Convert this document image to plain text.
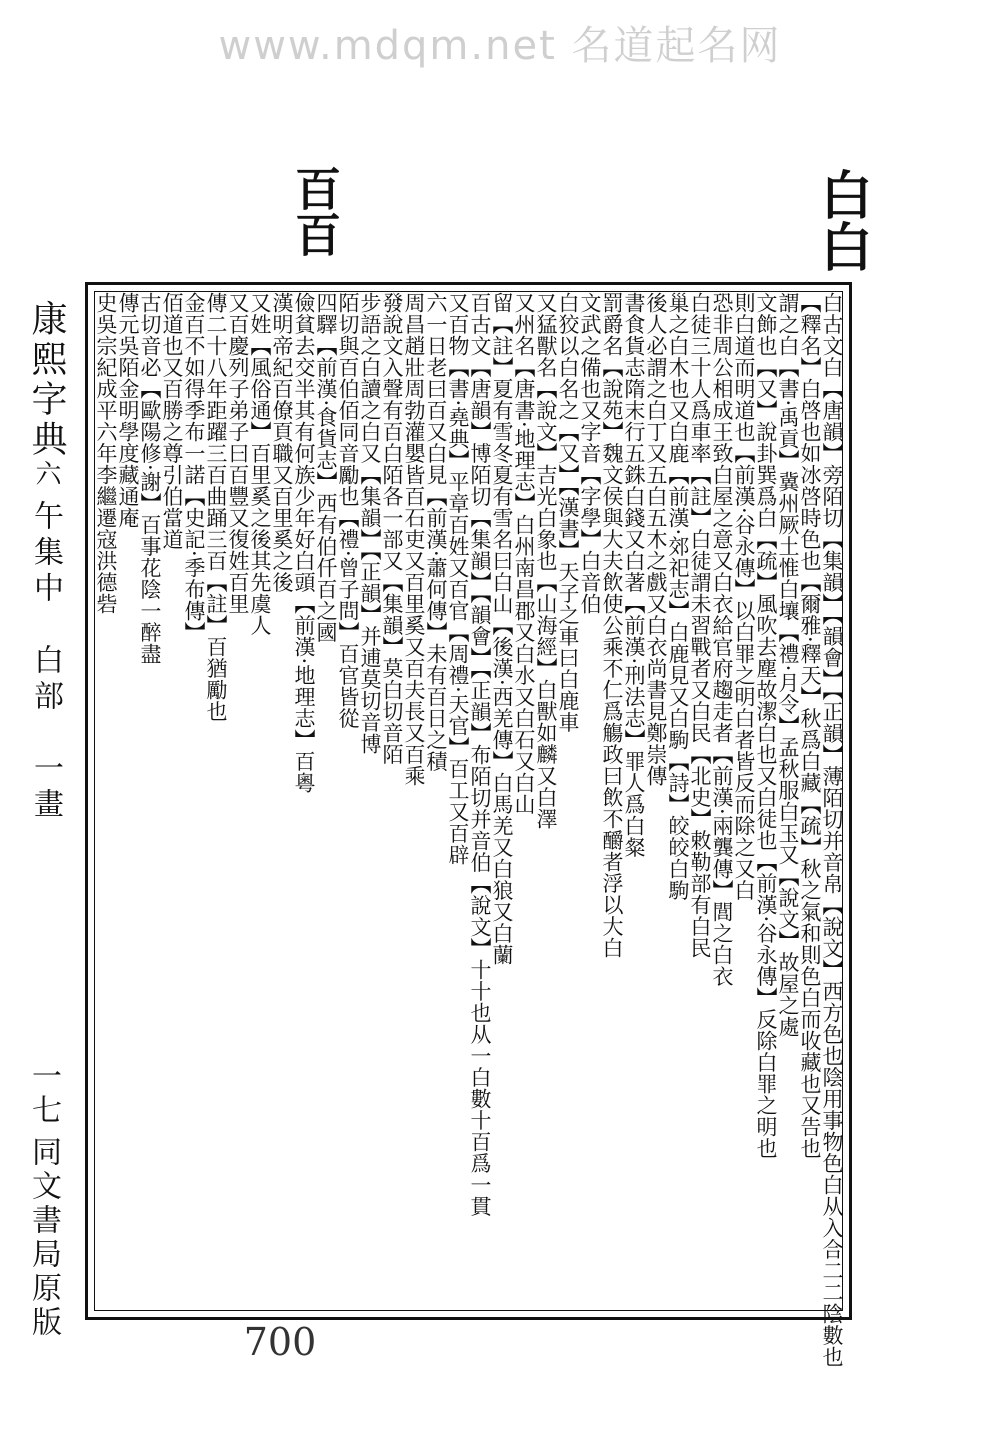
www.mdqm.net 名道起名网
白白
百百
康熙字典六
午集中　白部　一畫
一七
同文書局原版	白古文白【唐韻】旁陌切【集韻】【韻會】【正韻】薄陌切并音帛【說文】西方色也陰用事物色白从入合二二陰數也
【釋名】白啓也如冰啓時色也【爾雅·釋天】秋爲白藏【疏】秋之氣和則色白而收藏也又告也
謂之白【書·禹貢】冀州厥土惟白壤【禮·月令】孟秋服白玉又【說文】故屋之處
文飾也【又】說卦巽爲白【疏】風吹去塵故潔白也又白徒也【前漢·谷永傳】反除白罪之明也
則白道而明道也【前漢·谷永傳】以白罪之明白者皆反而除之又白
恐非周公相成王致白屋之意又白衣給官府趨走者【前漢·兩龔傳】閭之白衣
白徒三十人爲車率【註】白徒謂未習戰者又白民【北史】敕勒部有白民
巢之白木也又白鹿【前漢·郊祀志】白鹿見又白駒【詩】皎皎白駒
後人必謂之白丁又五白五木之戲又白衣尚書見鄭崇傳
書食貨志隋末行五銖白錢又白著【前漢·刑法志】罪人爲白粲
罰爵名【說苑】魏文侯與大夫飲使公乘不仁爲觴政曰飲不釂者浮以大白
文武之備也又字音【字學】白音伯
白狡以白名之【又】【漢書】天子之車曰白鹿車
又猛獸名【說文】吉光白象也【山海經】白獸如麟又白澤
又州名【唐書·地理志】白州南昌郡又白水又白石又白山
留【註】夏有雪冬夏有雪名曰白山【後漢·西羌傳】白馬羌又白狼又白蘭
百古文【唐韻】博陌切【集韻】【韻會】【正韻】布陌切并音伯【說文】十十也从一白數十百爲一貫
又百物【書·堯典】平章百姓又百官【周禮·天官】百工又百辟
六一日老曰百又白見【前漢·蕭何傳】未有百日之積
周昌趙壯周勃灌嬰皆百石吏又百里奚又百夫長又百乘
發說文入聲有百白陌各一部又【集韻】莫白切音陌
步語之白讀之白又【集韻】【正韻】并逋莫切音博
陌切與百伯佰同音勵也【禮·曾子問】百官皆從
四驛【前漢·食貨志】西有伯仟百之國
儉貧去交半其有何族少年好白頭【前漢·地理志】百粵
漢明帝紀百僚頁職又百里奚之後
又姓【風俗通】百里奚之後其先虞人
又百慶列子弟子曰百豐又復姓百里
傳二十八年距躍三百曲踊三百【註】百猶勵也
金百不如得季布一諾【史記·季布傳】
佰道也又百勝之尊引伯當道
古切音必【歐陽修·謝】百事花陰一醉盡
傳元吳陌金明學度藏通庵
史吳宗紀成平六年李繼遷寇洪德砦
700
